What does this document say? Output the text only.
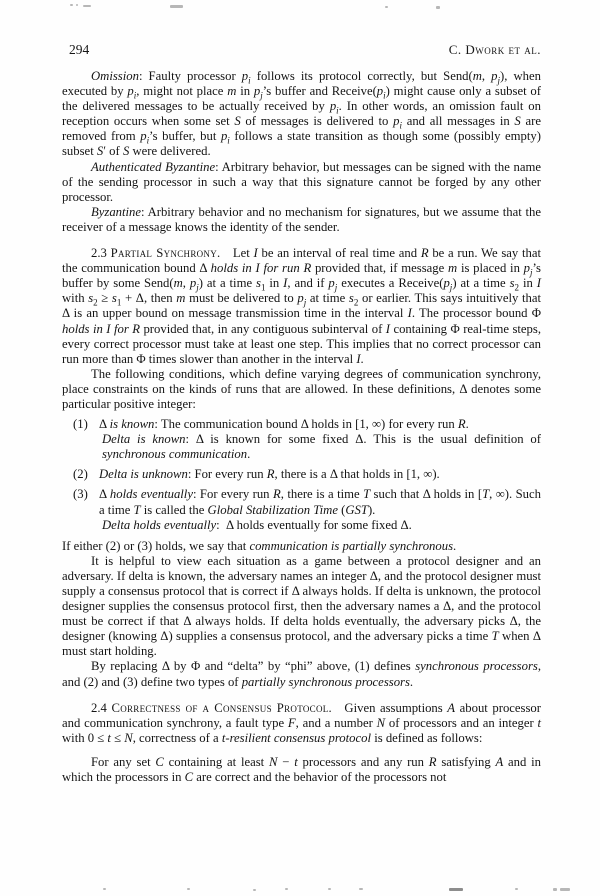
294	C. Dwork et al.

Omission: Faulty processor $p_i$ follows its protocol correctly, but Send(m, $p_j$), when executed by $p_i$, might not place m in $p_j’s$ buffer and $Receive(p_i)$ might cause only a subset of the delivered messages to be actually received by $p_i$. In other words, an omission fault on reception occurs when some set S of messages is delivered to $p_i$ and all messages in S are removed from $p_i’s$ buffer, but $p_i$ follows a state transition as though some (possibly empty) subset S′ of S were delivered.

Authenticated Byzantine: Arbitrary behavior, but messages can be signed with the name of the sending processor in such a way that this signature cannot be forged by any other processor.

Byzantine: Arbitrary behavior and no mechanism for signatures, but we assume that the receiver of a message knows the identity of the sender.

2.3 Partial Synchrony. Let I be an interval of real time and R be a run. We say that the communication bound Δ holds in I for run R provided that, if message m is placed in $p_j’s$ buffer by some Send(m, $p_j$) at a time $s_1$ in I, and if $p_j$ executes a $Receive(p_j)$ at a time $s_2$ in I with $s_2 \ge s_1 + \Delta$, then m must be delivered to $p_j$ at time $s_2$ or earlier. This says intuitively that Δ is an upper bound on message transmission time in the interval I. The processor bound Φ holds in I for R provided that, in any contiguous subinterval of I containing Φ real-time steps, every correct processor must take at least one step. This implies that no correct processor can run more than Φ times slower than another in the interval I.

The following conditions, which define varying degrees of communication synchrony, place constraints on the kinds of runs that are allowed. In these definitions, Δ denotes some particular positive integer:

(1) Δ is known: The communication bound Δ holds in [1, ∞) for every run R.

Delta is known: Δ is known for some fixed Δ. This is the usual definition of synchronous communication.

(2) Delta is unknown: For every run R, there is a Δ that holds in [1, ∞).

(3) Δ holds eventually: For every run R, there is a time T such that Δ holds in [T, ∞). Such a time T is called the Global Stabilization Time (GST).

Delta holds eventually: Δ holds eventually for some fixed Δ.

If either (2) or (3) holds, we say that communication is partially synchronous.

It is helpful to view each situation as a game between a protocol designer and an adversary. If delta is known, the adversary names an integer Δ, and the protocol designer must supply a consensus protocol that is correct if Δ always holds. If delta is unknown, the protocol designer supplies the consensus protocol first, then the adversary names a Δ, and the protocol must be correct if that Δ always holds. If delta holds eventually, the adversary picks Δ, the designer (knowing Δ) supplies a consensus protocol, and the adversary picks a time T when Δ must start holding.

By replacing Δ by Φ and “delta” by “phi” above, (1) defines synchronous processors, and (2) and (3) define two types of partially synchronous processors.

2.4 Correctness of a Consensus Protocol. Given assumptions A about processor and communication synchrony, a fault type F, and a number N of processors and an integer t with 0 ≤ t ≤ N, correctness of a t-resilient consensus protocol is defined as follows:

For any set C containing at least N − t processors and any run R satisfying A and in which the processors in C are correct and the behavior of the processors not
